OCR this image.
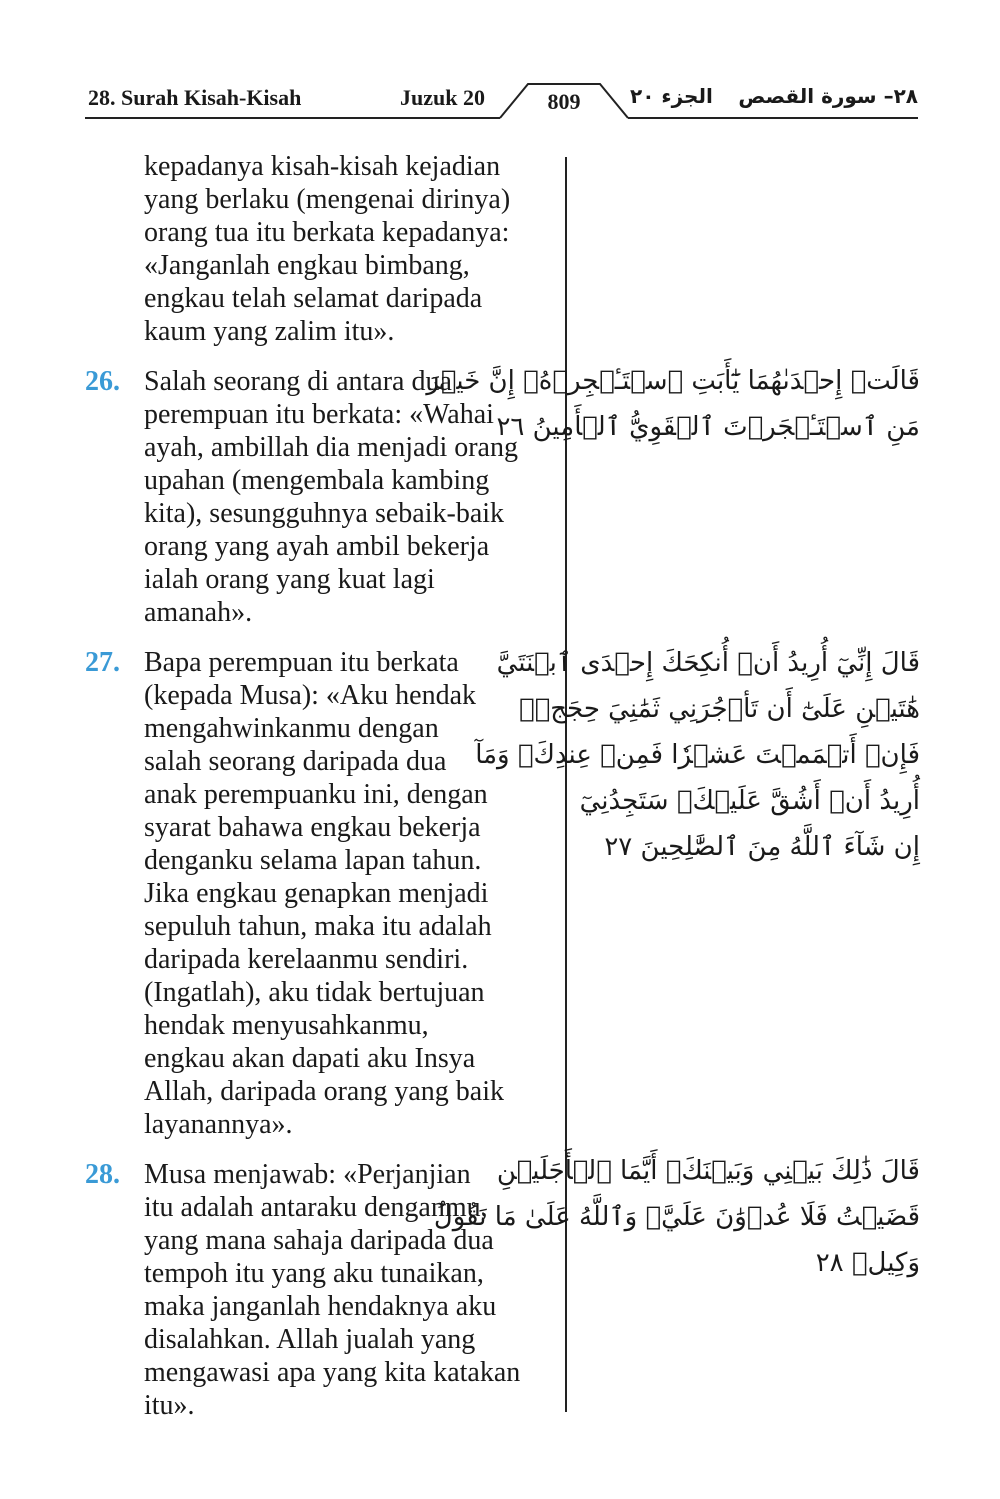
28. Surah Kisah-Kisah	Juzuk 20	809	الجزء ٢٠ ٢٨– سورة القصص
kepadanya kisah-kisah kejadian
yang berlaku (mengenai dirinya)
orang tua itu berkata kepadanya:
«Janganlah engkau bimbang,
engkau telah selamat daripada
kaum yang zalim itu».
26. Salah seorang di antara dua
perempuan itu berkata: «Wahai
ayah, ambillah dia menjadi orang
upahan (mengembala kambing
kita), sesungguhnya sebaik-baik
orang yang ayah ambil bekerja
ialah orang yang kuat lagi
amanah».
27. Bapa perempuan itu berkata
(kepada Musa): «Aku hendak
mengahwinkanmu dengan
salah seorang daripada dua
anak perempuanku ini, dengan
syarat bahawa engkau bekerja
denganku selama lapan tahun.
Jika engkau genapkan menjadi
sepuluh tahun, maka itu adalah
daripada kerelaanmu sendiri.
(Ingatlah), aku tidak bertujuan
hendak menyusahkanmu,
engkau akan dapati aku Insya
Allah, daripada orang yang baik
layanannya».
28. Musa menjawab: «Perjanjian
itu adalah antaraku denganmu,
yang mana sahaja daripada dua
tempoh itu yang aku tunaikan,
maka janganlah hendaknya aku
disalahkan. Allah jualah yang
mengawasi apa yang kita katakan
itu».
قَالَتۡ إِحۡدَىٰهُمَا يَٰٓأَبَتِ ٱسۡتَـٔۡجِرۡهُۖ إِنَّ خَيۡرَ
مَنِ ٱسۡتَـٔۡجَرۡتَ ٱلۡقَوِيُّ ٱلۡأَمِينُ ٢٦
قَالَ إِنِّيٓ أُرِيدُ أَنۡ أُنكِحَكَ إِحۡدَى ٱبۡنَتَيَّ
هَٰتَيۡنِ عَلَىٰٓ أَن تَأۡجُرَنِي ثَمَٰنِيَ حِجَجٖۖ
فَإِنۡ أَتۡمَمۡتَ عَشۡرٗا فَمِنۡ عِندِكَۖ وَمَآ
أُرِيدُ أَنۡ أَشُقَّ عَلَيۡكَۚ سَتَجِدُنِيٓ
إِن شَآءَ ٱللَّهُ مِنَ ٱلصَّٰلِحِينَ ٢٧
قَالَ ذَٰلِكَ بَيۡنِي وَبَيۡنَكَۖ أَيَّمَا ٱلۡأَجَلَيۡنِ
قَضَيۡتُ فَلَا عُدۡوَٰنَ عَلَيَّۖ وَٱللَّهُ عَلَىٰ مَا نَقُولُ
وَكِيلٞ ٢٨
